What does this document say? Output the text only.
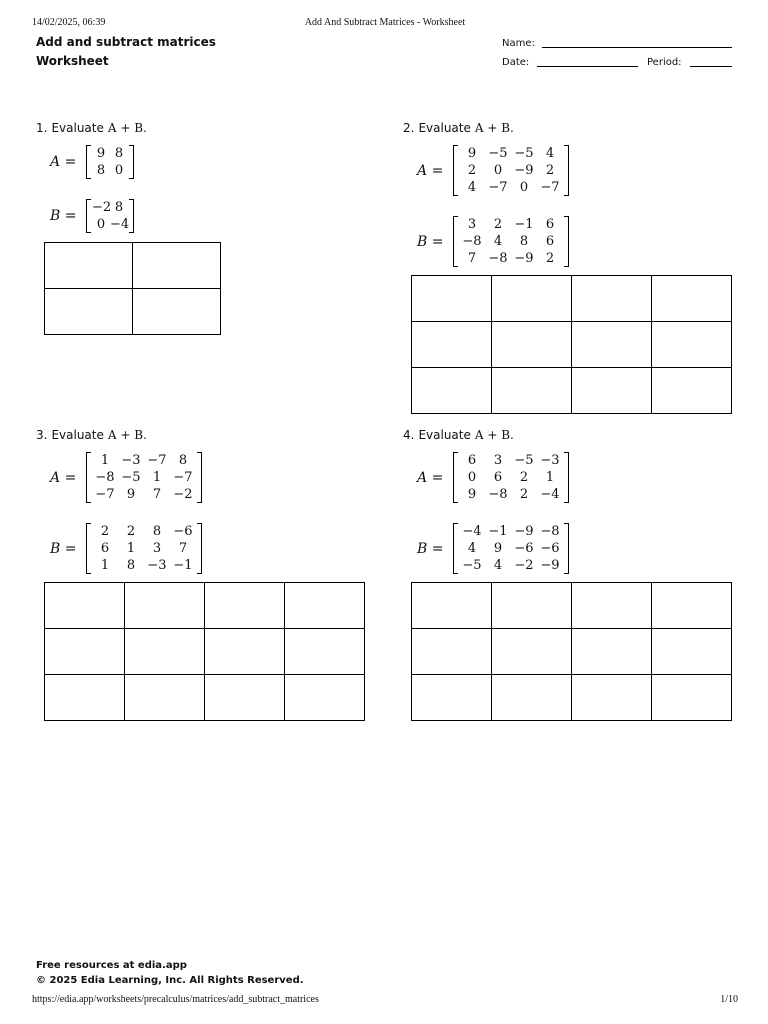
14/02/2025, 06:39	Add And Subtract Matrices - Worksheet
Add and subtract matrices
Worksheet
Name:
Date:	Period:
1. Evaluate A + B.
A =
9 8
8 0
B =
−2 8
0 −4
2. Evaluate A + B.
A =
9 −5 −5 4
2	0 −9 2
4 −7 0 −7
B =
3	2 −1 6
−8 4	8	6
7 −8 −9 2
3. Evaluate A + B.
A =
1 −3 −7 8
−8 −5 1 −7
−7 9	7 −2
B =
2	2	8 −6
6	1	3	7
1	8 −3 −1
4. Evaluate A + B.
A =
6	3 −5 −3
0	6	2	1
9 −8 2 −4
B =
−4 −1 −9 −8
4	9 −6 −6
−5 4 −2 −9
Free resources at edia.app
© 2025 Edia Learning, Inc. All Rights Reserved.
https://edia.app/worksheets/precalculus/matrices/add_subtract_matrices	1/10
